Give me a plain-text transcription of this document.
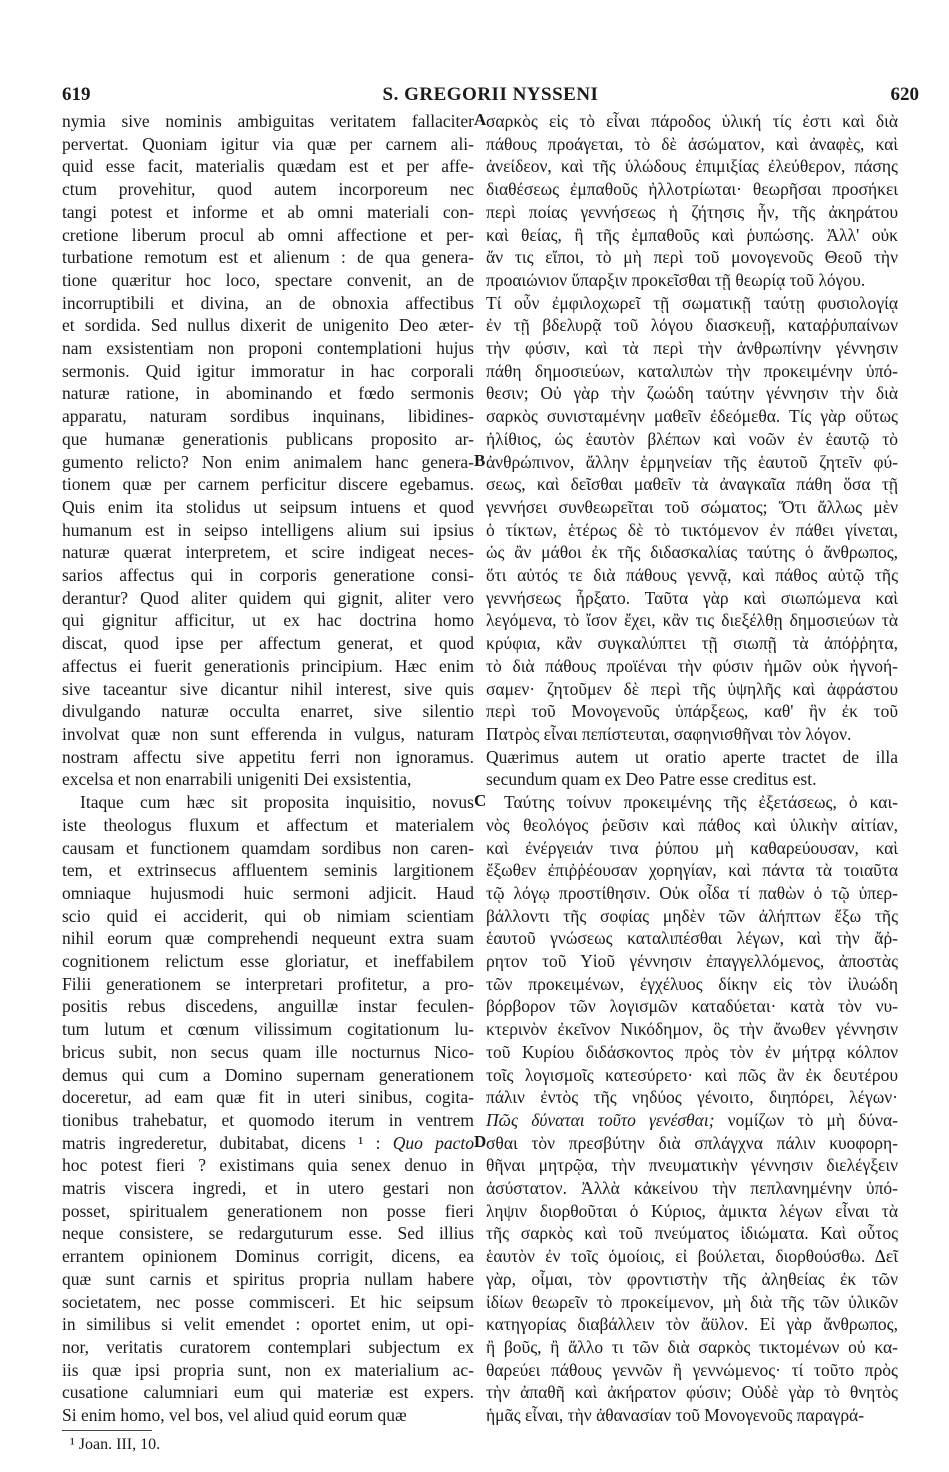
619	S. GREGORII NYSSENI	620

nymia sive nominis ambiguitas veritatem fallaciter

pervertat. Quoniam igitur via quæ per carnem ali-

quid esse facit, materialis quædam est et per affe-

ctum provehitur, quod autem incorporeum nec

tangi potest et informe et ab omni materiali con-

cretione liberum procul ab omni affectione et per-

turbatione remotum est et alienum : de qua genera-

tione quæritur hoc loco, spectare convenit, an de

incorruptibili et divina, an de obnoxia affectibus

et sordida. Sed nullus dixerit de unigenito Deo æter-

nam exsistentiam non proponi contemplationi hujus

sermonis. Quid igitur immoratur in hac corporali

naturæ ratione, in abominando et fœdo sermonis

apparatu, naturam sordibus inquinans, libidines-

que humanæ generationis publicans proposito ar-

gumento relicto? Non enim animalem hanc genera-

tionem quæ per carnem perficitur discere egebamus.

Quis enim ita stolidus ut seipsum intuens et quod

humanum est in seipso intelligens alium sui ipsius

naturæ quærat interpretem, et scire indigeat neces-

sarios affectus qui in corporis generatione consi-

derantur? Quod aliter quidem qui gignit, aliter vero

qui gignitur afficitur, ut ex hac doctrina homo

discat, quod ipse per affectum generat, et quod

affectus ei fuerit generationis principium. Hæc enim

sive taceantur sive dicantur nihil interest, sive quis

divulgando naturæ occulta enarret, sive silentio

involvat quæ non sunt efferenda in vulgus, naturam

nostram affectu sive appetitu ferri non ignoramus.

excelsa et non enarrabili unigeniti Dei exsistentia,

Itaque cum hæc sit proposita inquisitio, novus

iste theologus fluxum et affectum et materialem

causam et functionem quamdam sordibus non caren-

tem, et extrinsecus affluentem seminis largitionem

omniaque hujusmodi huic sermoni adjicit. Haud

scio quid ei acciderit, qui ob nimiam scientiam

nihil eorum quæ comprehendi nequeunt extra suam

cognitionem relictum esse gloriatur, et ineffabilem

Filii generationem se interpretari profitetur, a pro-

positis rebus discedens, anguillæ instar feculen-

tum lutum et cœnum vilissimum cogitationum lu-

bricus subit, non secus quam ille nocturnus Nico-

demus qui cum a Domino supernam generationem

doceretur, ad eam quæ fit in uteri sinibus, cogita-

tionibus trahebatur, et quomodo iterum in ventrem

matris ingrederetur, dubitabat, dicens ¹ : Quo pacto

hoc potest fieri ? existimans quia senex denuo in

matris viscera ingredi, et in utero gestari non

posset, spiritualem generationem non posse fieri

neque consistere, se redarguturum esse. Sed illius

errantem opinionem Dominus corrigit, dicens, ea

quæ sunt carnis et spiritus propria nullam habere

societatem, nec posse commisceri. Et hic seipsum

in similibus si velit emendet : oportet enim, ut opi-

nor, veritatis curatorem contemplari subjectum ex

iis quæ ipsi propria sunt, non ex materialium ac-

cusatione calumniari eum qui materiæ est expers.

Si enim homo, vel bos, vel aliud quid eorum quæ

A
B
C
D

σαρκὸς εἰς τὸ εἶναι πάροδος ὑλική τίς ἐστι καὶ διὰ

πάθους προάγεται, τὸ δὲ ἀσώματον, καὶ ἀναφὲς, καὶ

ἀνείδεον, καὶ τῆς ὑλώδους ἐπιμιξίας ἐλεύθερον, πάσης

διαθέσεως ἐμπαθοῦς ἠλλοτρίωται· θεωρῆσαι προσήκει

περὶ ποίας γεννήσεως ἡ ζήτησις ἦν, τῆς ἀκηράτου

καὶ θείας, ἢ τῆς ἐμπαθοῦς καὶ ῥυπώσης. Ἀλλ' οὐκ

ἄν τις εἴποι, τὸ μὴ περὶ τοῦ μονογενοῦς Θεοῦ τὴν

προαιώνιον ὕπαρξιν προκεῖσθαι τῇ θεωρίᾳ τοῦ λόγου.

Τί οὖν ἐμφιλοχωρεῖ τῇ σωματικῇ ταύτῃ φυσιολογίᾳ

ἐν τῇ βδελυρᾷ τοῦ λόγου διασκευῇ, καταῤῥυπαίνων

τὴν φύσιν, καὶ τὰ περὶ τὴν ἀνθρωπίνην γέννησιν

πάθη δημοσιεύων, καταλιπὼν τὴν προκειμένην ὑπό-

θεσιν; Οὐ γὰρ τὴν ζωώδη ταύτην γέννησιν τὴν διὰ

σαρκὸς συνισταμένην μαθεῖν ἐδεόμεθα. Τίς γὰρ οὕτως

ἠλίθιος, ὡς ἑαυτὸν βλέπων καὶ νοῶν ἐν ἑαυτῷ τὸ

ἀνθρώπινον, ἄλλην ἑρμηνείαν τῆς ἑαυτοῦ ζητεῖν φύ-

σεως, καὶ δεῖσθαι μαθεῖν τὰ ἀναγκαῖα πάθη ὅσα τῇ

γεννήσει συνθεωρεῖται τοῦ σώματος; Ὅτι ἄλλως μὲν

ὁ τίκτων, ἑτέρως δὲ τὸ τικτόμενον ἐν πάθει γίνεται,

ὡς ἂν μάθοι ἐκ τῆς διδασκαλίας ταύτης ὁ ἄνθρωπος,

ὅτι αὐτός τε διὰ πάθους γεννᾷ, καὶ πάθος αὐτῷ τῆς

γεννήσεως ἦρξατο. Ταῦτα γὰρ καὶ σιωπώμενα καὶ

λεγόμενα, τὸ ἴσον ἔχει, κἂν τις διεξέλθῃ δημοσιεύων τὰ

κρύφια, κἂν συγκαλύπτει τῇ σιωπῇ τὰ ἀπόῤῥητα,

τὸ διὰ πάθους προϊέναι τὴν φύσιν ἡμῶν οὐκ ἠγνοή-

σαμεν· ζητοῦμεν δὲ περὶ τῆς ὑψηλῆς καὶ ἀφράστου

περὶ τοῦ Μονογενοῦς ὑπάρξεως, καθ' ἣν ἐκ τοῦ

Πατρὸς εἶναι πεπίστευται, σαφηνισθῆναι τὸν λόγον.

Quærimus autem ut oratio aperte tractet de illa

secundum quam ex Deo Patre esse creditus est.

Ταύτης τοίνυν προκειμένης τῆς ἐξετάσεως, ὁ και-

νὸς θεολόγος ῥεῦσιν καὶ πάθος καὶ ὑλικὴν αἰτίαν,

καὶ ἐνέργειάν τινα ῥύπου μὴ καθαρεύουσαν, καὶ

ἔξωθεν ἐπιῤῥέουσαν χορηγίαν, καὶ πάντα τὰ τοιαῦτα

τῷ λόγῳ προστίθησιν. Οὐκ οἶδα τί παθὼν ὁ τῷ ὑπερ-

βάλλοντι τῆς σοφίας μηδὲν τῶν ἀλήπτων ἔξω τῆς

ἑαυτοῦ γνώσεως καταλιπέσθαι λέγων, καὶ τὴν ἄῤ-

ρητον τοῦ Υἱοῦ γέννησιν ἐπαγγελλόμενος, ἀποστὰς

τῶν προκειμένων, ἐγχέλυος δίκην εἰς τὸν ἰλυώδη

βόρβορον τῶν λογισμῶν καταδύεται· κατὰ τὸν νυ-

κτερινὸν ἐκεῖνον Νικόδημον, ὃς τὴν ἄνωθεν γέννησιν

τοῦ Κυρίου διδάσκοντος πρὸς τὸν ἐν μήτρᾳ κόλπον

τοῖς λογισμοῖς κατεσύρετο· καὶ πῶς ἂν ἐκ δευτέρου

πάλιν ἐντὸς τῆς νηδύος γένοιτο, διηπόρει, λέγων·

Πῶς δύναται τοῦτο γενέσθαι; νομίζων τὸ μὴ δύνα-

σθαι τὸν πρεσβύτην διὰ σπλάγχνα πάλιν κυοφορη-

θῆναι μητρῷα, τὴν πνευματικὴν γέννησιν διελέγξειν

ἀσύστατον. Ἀλλὰ κἀκείνου τὴν πεπλανημένην ὑπό-

ληψιν διορθοῦται ὁ Κύριος, ἀμικτα λέγων εἶναι τὰ

τῆς σαρκὸς καὶ τοῦ πνεύματος ἰδιώματα. Καὶ οὗτος

ἑαυτὸν ἐν τοῖς ὁμοίοις, εἰ βούλεται, διορθούσθω. Δεῖ

γὰρ, οἶμαι, τὸν φροντιστὴν τῆς ἀληθείας ἐκ τῶν

ἰδίων θεωρεῖν τὸ προκείμενον, μὴ διὰ τῆς τῶν ὑλικῶν

κατηγορίας διαβάλλειν τὸν ἄϋλον. Εἰ γὰρ ἄνθρωπος,

ἢ βοῦς, ἢ ἄλλο τι τῶν διὰ σαρκὸς τικτομένων οὐ κα-

θαρεύει πάθους γεννῶν ἢ γεννώμενος· τί τοῦτο πρὸς

τὴν ἀπαθῆ καὶ ἀκήρατον φύσιν; Οὐδὲ γὰρ τὸ θνητὸς

ἡμᾶς εἶναι, τὴν ἀθανασίαν τοῦ Μονογενοῦς παραγρά-

¹ Joan. III, 10.
